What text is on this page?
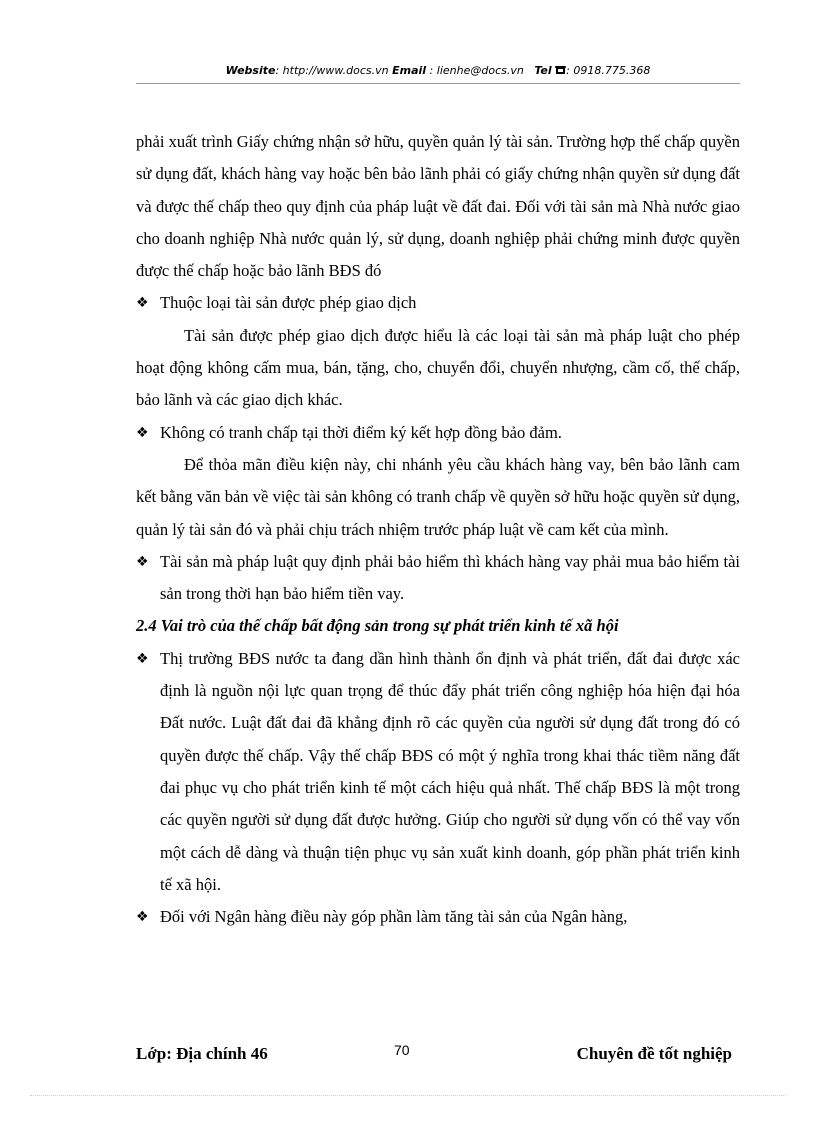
Website: http://www.docs.vn Email : lienhe@docs.vn Tel : 0918.775.368

phải xuất trình Giấy chứng nhận sở hữu, quyền quản lý tài sản. Trường hợp thế chấp quyền sử dụng đất, khách hàng vay hoặc bên bảo lãnh phải có giấy chứng nhận quyền sử dụng đất và được thế chấp theo quy định của pháp luật về đất đai. Đối với tài sản mà Nhà nước giao cho doanh nghiệp Nhà nước quản lý, sử dụng, doanh nghiệp phải chứng minh được quyền được thế chấp hoặc bảo lãnh BĐS đó

❖ Thuộc loại tài sản được phép giao dịch

Tài sản được phép giao dịch được hiểu là các loại tài sản mà pháp luật cho phép hoạt động không cấm mua, bán, tặng, cho, chuyển đổi, chuyển nhượng, cầm cố, thế chấp, bảo lãnh và các giao dịch khác.

❖ Không có tranh chấp tại thời điểm ký kết hợp đồng bảo đảm.

Để thỏa mãn điều kiện này, chi nhánh yêu cầu khách hàng vay, bên bảo lãnh cam kết bằng văn bản về việc tài sản không có tranh chấp về quyền sở hữu hoặc quyền sử dụng, quản lý tài sản đó và phải chịu trách nhiệm trước pháp luật về cam kết của mình.

❖ Tài sản mà pháp luật quy định phải bảo hiểm thì khách hàng vay phải mua bảo hiểm tài sản trong thời hạn bảo hiểm tiền vay.
2.4 Vai trò của thế chấp bất động sản trong sự phát triển kinh tế xã hội
❖ Thị trường BĐS nước ta đang dần hình thành ổn định và phát triển, đất đai được xác định là nguồn nội lực quan trọng để thúc đẩy phát triển công nghiệp hóa hiện đại hóa Đất nước. Luật đất đai đã khẳng định rõ các quyền của người sử dụng đất trong đó có quyền được thế chấp. Vậy thế chấp BĐS có một ý nghĩa trong khai thác tiềm năng đất đai phục vụ cho phát triển kinh tế một cách hiệu quả nhất. Thế chấp BĐS là một trong các quyền người sử dụng đất được hưởng. Giúp cho người sử dụng vốn có thể vay vốn một cách dễ dàng và thuận tiện phục vụ sản xuất kinh doanh, góp phần phát triển kinh tế xã hội.
❖ Đối với Ngân hàng điều này góp phần làm tăng tài sản của Ngân hàng,
Lớp: Địa chính 46	70	Chuyên đề tốt nghiệp
